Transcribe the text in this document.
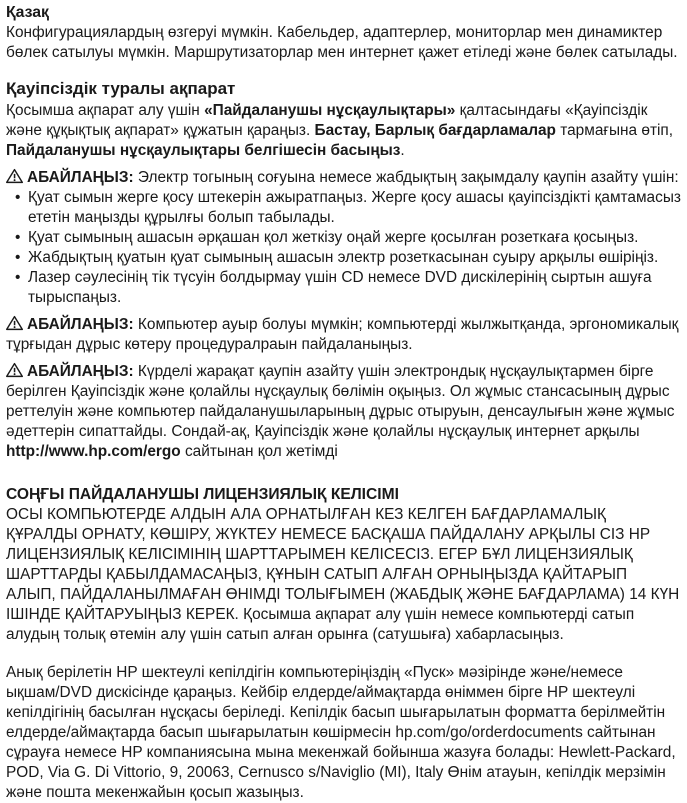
Қазақ

Конфигурациялардың өзгеруі мүмкін. Кабельдер, адаптерлер, мониторлар мен динамиктер бөлек сатылуы мүмкін. Маршрутизаторлар мен интернет қажет етіледі және бөлек сатылады.

Қауіпсіздік туралы ақпарат

Қосымша ақпарат алу үшін «Пайдаланушы нұсқаулықтары» қалтасындағы «Қауіпсіздік және құқықтық ақпарат» құжатын қараңыз. Бастау, Барлық бағдарламалар тармағына өтіп, Пайдаланушы нұсқаулықтары белгішесін басыңыз.

АБАЙЛАҢЫЗ: Электр тогының соғуына немесе жабдықтың зақымдалу қаупін азайту үшін:

• Қуат сымын жерге қосу штекерін ажыратпаңыз. Жерге қосу ашасы қауіпсіздікті қамтамасыз ететін маңызды құрылғы болып табылады.
• Қуат сымының ашасын әрқашан қол жеткізу оңай жерге қосылған розеткаға қосыңыз.
• Жабдықтың қуатын қуат сымының ашасын электр розеткасынан суыру арқылы өшіріңіз.
• Лазер сәулесінің тік түсуін болдырмау үшін CD немесе DVD дискілерінің сыртын ашуға тырыспаңыз.

АБАЙЛАҢЫЗ: Компьютер ауыр болуы мүмкін; компьютерді жылжытқанда, эргономикалық тұрғыдан дұрыс көтеру процедуралраын пайдаланыңыз.

АБАЙЛАҢЫЗ: Күрделі жарақат қаупін азайту үшін электрондық нұсқаулықтармен бірге берілген Қауіпсіздік және қолайлы нұсқаулық бөлімін оқыңыз. Ол жұмыс стансасының дұрыс реттелуін және компьютер пайдаланушыларының дұрыс отыруын, денсаулығын және жұмыс әдеттерін сипаттайды. Сондай-ақ, Қауіпсіздік және қолайлы нұсқаулық интернет арқылы http://www.hp.com/ergo сайтынан қол жетімді

СОҢҒЫ ПАЙДАЛАНУШЫ ЛИЦЕНЗИЯЛЫҚ КЕЛІСІМІ

ОСЫ КОМПЬЮТЕРДЕ АЛДЫН АЛА ОРНАТЫЛҒАН КЕЗ КЕЛГЕН БАҒДАРЛАМАЛЫҚ ҚҰРАЛДЫ ОРНАТУ, КӨШІРУ, ЖҮКТЕУ НЕМЕСЕ БАСҚАША ПАЙДАЛАНУ АРҚЫЛЫ СІЗ HP ЛИЦЕНЗИЯЛЫҚ КЕЛІСІМІНІҢ ШАРТТАРЫМЕН КЕЛІСЕСІЗ. ЕГЕР БҰЛ ЛИЦЕНЗИЯЛЫҚ ШАРТТАРДЫ ҚАБЫЛДАМАСАҢЫЗ, ҚҰНЫН САТЫП АЛҒАН ОРНЫҢЫЗДА ҚАЙТАРЫП АЛЫП, ПАЙДАЛАНЫЛМАҒАН ӨНІМДІ ТОЛЫҒЫМЕН (ЖАБДЫҚ ЖӘНЕ БАҒДАРЛАМА) 14 КҮН ІШІНДЕ ҚАЙТАРУЫҢЫЗ КЕРЕК. Қосымша ақпарат алу үшін немесе компьютерді сатып алудың толық өтемін алу үшін сатып алған орынға (сатушыға) хабарласыңыз.

Анық берілетін HP шектеулі кепілдігін компьютеріңіздің «Пуск» мәзірінде және/немесе ықшам/DVD дискісінде қараңыз. Кейбір елдерде/аймақтарда өніммен бірге HP шектеулі кепілдігінің басылған нұсқасы беріледі. Кепілдік басып шығарылатын форматта берілмейтін елдерде/аймақтарда басып шығарылатын көшірмесін hp.com/go/orderdocuments сайтынан сұрауға немесе HP компаниясына мына мекенжай бойынша жазуға болады: Hewlett-Packard, POD, Via G. Di Vittorio, 9, 20063, Cernusco s/Naviglio (MI), Italy Өнім атауын, кепілдік мерзімін және пошта мекенжайын қосып жазыңыз.
